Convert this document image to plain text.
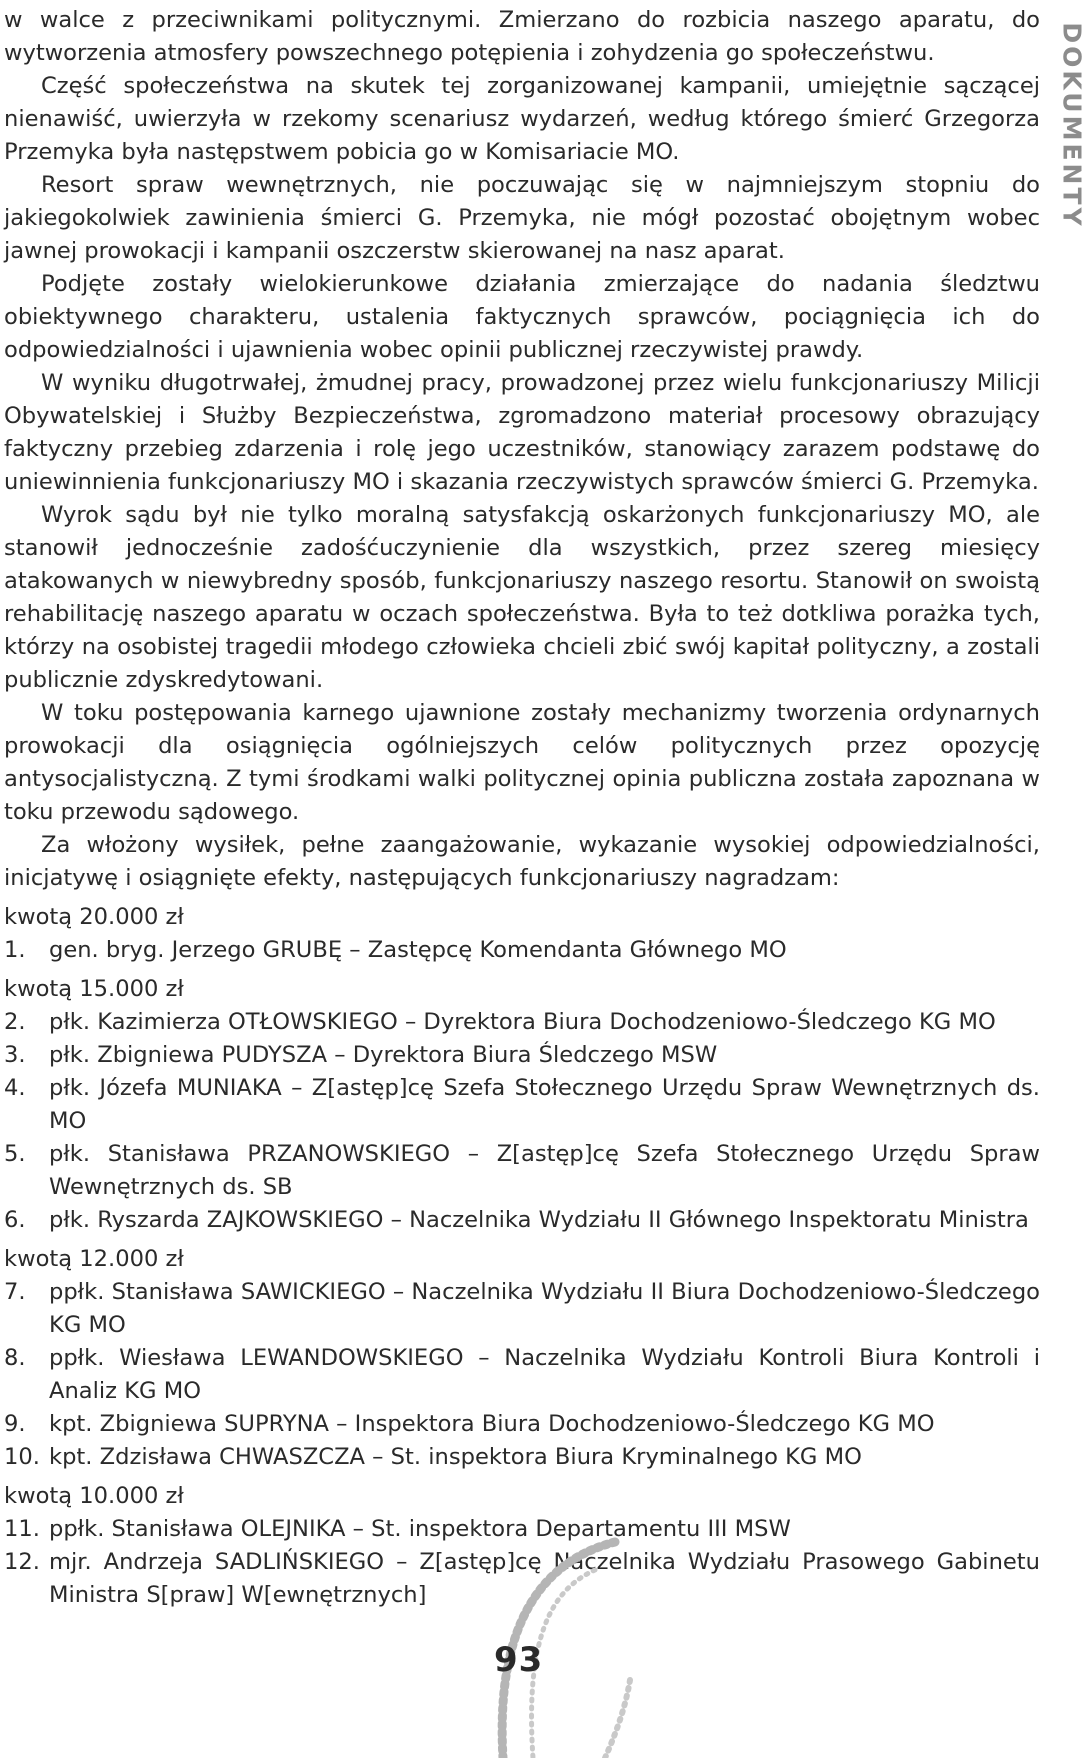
w walce z przeciwnikami politycznymi. Zmierzano do rozbicia naszego aparatu, do wytworzenia atmosfery powszechnego potępienia i zohydzenia go społeczeństwu.

Część społeczeństwa na skutek tej zorganizowanej kampanii, umiejętnie sączącej nienawiść, uwierzyła w rzekomy scenariusz wydarzeń, według którego śmierć Grzegorza Przemyka była następstwem pobicia go w Komisariacie MO.

Resort spraw wewnętrznych, nie poczuwając się w najmniejszym stopniu do jakiegokolwiek zawinienia śmierci G. Przemyka, nie mógł pozostać obojętnym wobec jawnej prowokacji i kampanii oszczerstw skierowanej na nasz aparat.

Podjęte zostały wielokierunkowe działania zmierzające do nadania śledztwu obiektywnego charakteru, ustalenia faktycznych sprawców, pociągnięcia ich do odpowiedzialności i ujawnienia wobec opinii publicznej rzeczywistej prawdy.

W wyniku długotrwałej, żmudnej pracy, prowadzonej przez wielu funkcjonariuszy Milicji Obywatelskiej i Służby Bezpieczeństwa, zgromadzono materiał procesowy obrazujący faktyczny przebieg zdarzenia i rolę jego uczestników, stanowiący zarazem podstawę do uniewinnienia funkcjonariuszy MO i skazania rzeczywistych sprawców śmierci G. Przemyka.

Wyrok sądu był nie tylko moralną satysfakcją oskarżonych funkcjonariuszy MO, ale stanowił jednocześnie zadośćuczynienie dla wszystkich, przez szereg miesięcy atakowanych w niewybredny sposób, funkcjonariuszy naszego resortu. Stanowił on swoistą rehabilitację naszego aparatu w oczach społeczeństwa. Była to też dotkliwa porażka tych, którzy na osobistej tragedii młodego człowieka chcieli zbić swój kapitał polityczny, a zostali publicznie zdyskredytowani.

W toku postępowania karnego ujawnione zostały mechanizmy tworzenia ordynarnych prowokacji dla osiągnięcia ogólniejszych celów politycznych przez opozycję antysocjalistyczną. Z tymi środkami walki politycznej opinia publiczna została zapoznana w toku przewodu sądowego.

Za włożony wysiłek, pełne zaangażowanie, wykazanie wysokiej odpowiedzialności, inicjatywę i osiągnięte efekty, następujących funkcjonariuszy nagradzam:

kwotą 20.000 zł

1.	gen. bryg. Jerzego GRUBĘ – Zastępcę Komendanta Głównego MO

kwotą 15.000 zł

2.	płk. Kazimierza OTŁOWSKIEGO – Dyrektora Biura Dochodzeniowo-Śledczego KG MO
3.	płk. Zbigniewa PUDYSZA – Dyrektora Biura Śledczego MSW
4.	płk. Józefa MUNIAKA – Z[astęp]cę Szefa Stołecznego Urzędu Spraw Wewnętrznych ds. MO
5.	płk. Stanisława PRZANOWSKIEGO – Z[astęp]cę Szefa Stołecznego Urzędu Spraw Wewnętrznych ds. SB
6.	płk. Ryszarda ZAJKOWSKIEGO – Naczelnika Wydziału II Głównego Inspektoratu Ministra

kwotą 12.000 zł

7.	ppłk. Stanisława SAWICKIEGO – Naczelnika Wydziału II Biura Dochodzeniowo-Śledczego KG MO
8.	ppłk. Wiesława LEWANDOWSKIEGO – Naczelnika Wydziału Kontroli Biura Kontroli i Analiz KG MO
9.	kpt. Zbigniewa SUPRYNA – Inspektora Biura Dochodzeniowo-Śledczego KG MO
10. kpt. Zdzisława CHWASZCZA – St. inspektora Biura Kryminalnego KG MO

kwotą 10.000 zł

11. ppłk. Stanisława OLEJNIKA – St. inspektora Departamentu III MSW
12. mjr. Andrzeja SADLIŃSKIEGO – Z[astęp]cę Naczelnika Wydziału Prasowego Gabinetu Ministra S[praw] W[ewnętrznych]
DOKUMENTY
93
